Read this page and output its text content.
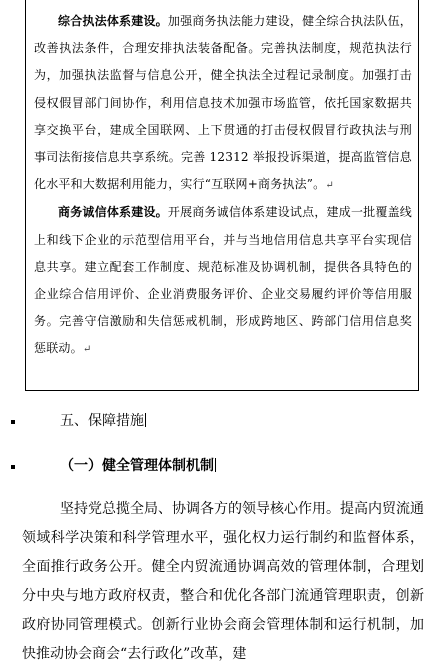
综合执法体系建设。加强商务执法能力建设，健全综合执法队伍，改善执法条件，合理安排执法装备配备。完善执法制度，规范执法行为，加强执法监督与信息公开，健全执法全过程记录制度。加强打击侵权假冒部门间协作，利用信息技术加强市场监管，依托国家数据共享交换平台，建成全国联网、上下贯通的打击侵权假冒行政执法与刑事司法衔接信息共享系统。完善 12312 举报投诉渠道，提高监管信息化水平和大数据利用能力，实行“互联网+商务执法”。↵

商务诚信体系建设。开展商务诚信体系建设试点，建成一批覆盖线上和线下企业的示范型信用平台，并与当地信用信息共享平台实现信息共享。建立配套工作制度、规范标准及协调机制，提供各具特色的企业综合信用评价、企业消费服务评价、企业交易履约评价等信用服务。完善守信激励和失信惩戒机制，形成跨地区、跨部门信用信息奖惩联动。↵

五、保障措施
（一）健全管理体制机制

坚持党总揽全局、协调各方的领导核心作用。提高内贸流通领域科学决策和科学管理水平，强化权力运行制约和监督体系，全面推行政务公开。健全内贸流通协调高效的管理体制，合理划分中央与地方政府权责，整合和优化各部门流通管理职责，创新政府协同管理模式。创新行业协会商会管理体制和运行机制，加快推动协会商会“去行政化”改革，建
